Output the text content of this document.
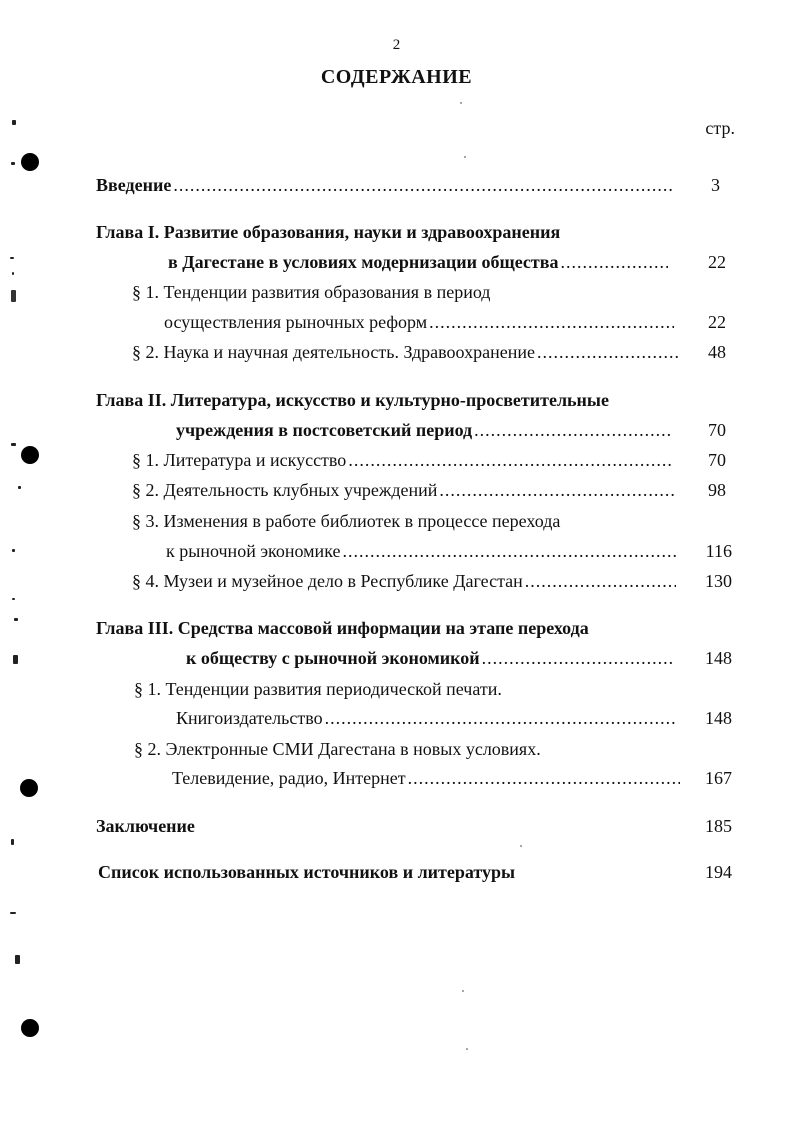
2
СОДЕРЖАНИЕ
стр.
Введение .....	3
Глава I. Развитие образования, науки и здравоохранения
в Дагестане в условиях модернизации общества .....	22
§ 1. Тенденции развития образования в период
осуществления рыночных реформ .....	22
§ 2. Наука и научная деятельность. Здравоохранение .....	48
Глава II. Литература, искусство и культурно-просветительные
учреждения в постсоветский период .....	70
§ 1. Литература и искусство .....	70
§ 2. Деятельность клубных учреждений .....	98
§ 3. Изменения в работе библиотек в процессе перехода
к рыночной экономике .....	116
§ 4. Музеи и музейное дело в Республике Дагестан .....	130
Глава III. Средства массовой информации на этапе перехода
к обществу с рыночной экономикой .....	148
§ 1. Тенденции развития периодической печати.
Книгоиздательство .....	148
§ 2. Электронные СМИ Дагестана в новых условиях.
Телевидение, радио, Интернет .....	167
Заключение	185
Список использованных источников и литературы	194
